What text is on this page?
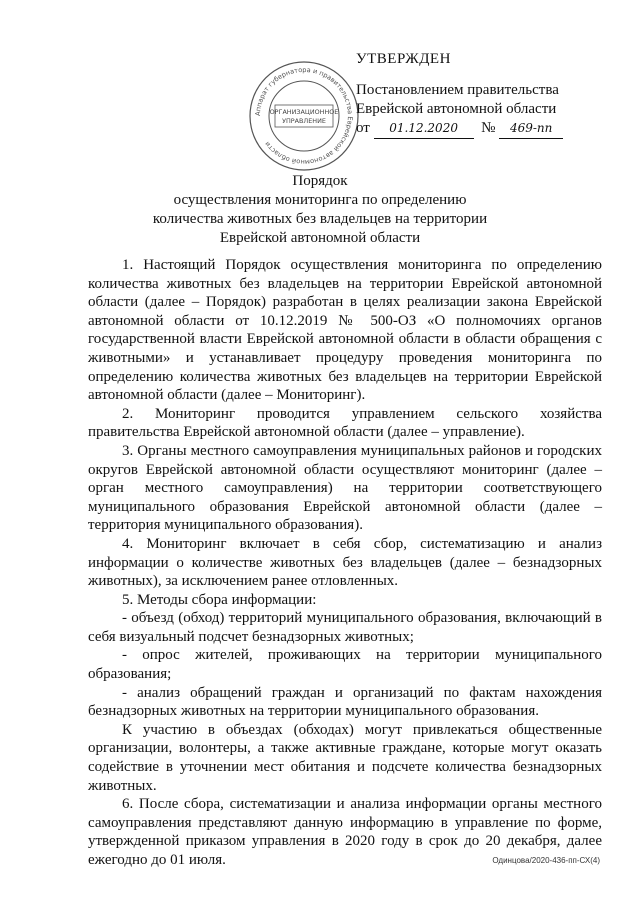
Аппарат губернатора и правительства Еврейской автономной области
ОРГАНИЗАЦИОННОЕ
УПРАВЛЕНИЕ
УТВЕРЖДЕН
Постановлением правительства
Еврейской автономной области
от 01.12.2020 № 469-пп
Порядок
осуществления мониторинга по определению
количества животных без владельцев на территории
Еврейской автономной области

1. Настоящий Порядок осуществления мониторинга по определению количества животных без владельцев на территории Еврейской автономной области (далее – Порядок) разработан в целях реализации закона Еврейской автономной области от 10.12.2019 № 500-ОЗ «О полномочиях органов государственной власти Еврейской автономной области в области обращения с животными» и устанавливает процедуру проведения мониторинга по определению количества животных без владельцев на территории Еврейской автономной области (далее – Мониторинг).

2. Мониторинг проводится управлением сельского хозяйства правительства Еврейской автономной области (далее – управление).

3. Органы местного самоуправления муниципальных районов и городских округов Еврейской автономной области осуществляют мониторинг (далее – орган местного самоуправления) на территории соответствующего муниципального образования Еврейской автономной области (далее – территория муниципального образования).

4. Мониторинг включает в себя сбор, систематизацию и анализ информации о количестве животных без владельцев (далее – безнадзорных животных), за исключением ранее отловленных.

5. Методы сбора информации:

- объезд (обход) территорий муниципального образования, включающий в себя визуальный подсчет безнадзорных животных;

- опрос жителей, проживающих на территории муниципального образования;

- анализ обращений граждан и организаций по фактам нахождения безнадзорных животных на территории муниципального образования.

К участию в объездах (обходах) могут привлекаться общественные организации, волонтеры, а также активные граждане, которые могут оказать содействие в уточнении мест обитания и подсчете количества безнадзорных животных.

6. После сбора, систематизации и анализа информации органы местного самоуправления представляют данную информацию в управление по форме, утвержденной приказом управления в 2020 году в срок до 20 декабря, далее ежегодно до 01 июля.	Одинцова/2020-436-пп-СХ(4)
